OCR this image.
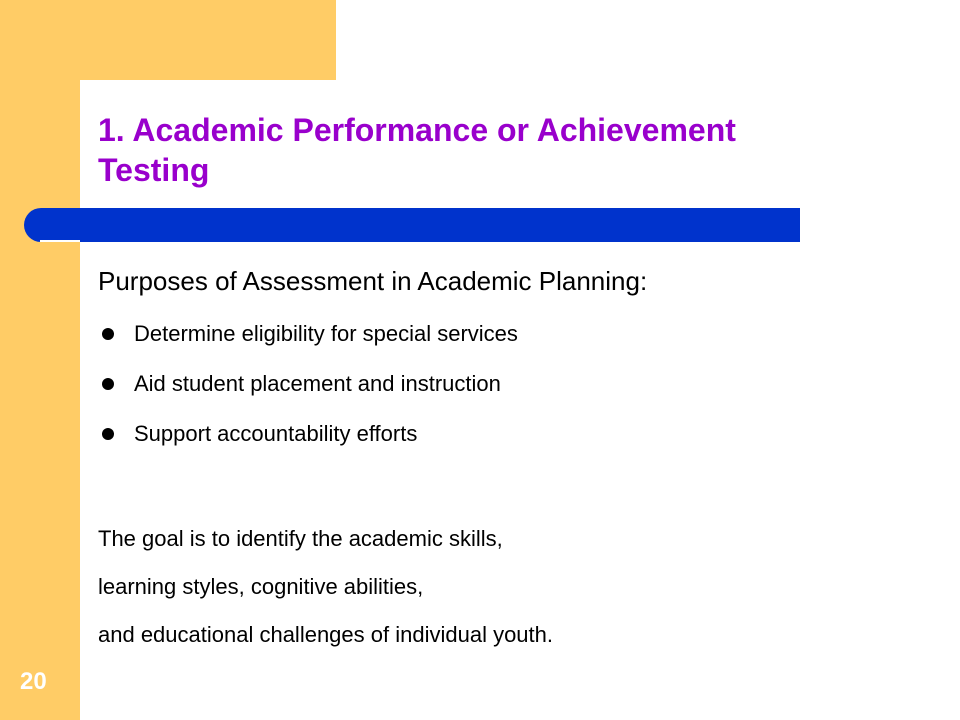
1. Academic Performance or Achievement
Testing

Purposes of Assessment in Academic Planning:

Determine eligibility for special services
Aid student placement and instruction
Support accountability efforts
The goal is to identify the academic skills,
learning styles, cognitive abilities,
and educational challenges of individual youth.
20
